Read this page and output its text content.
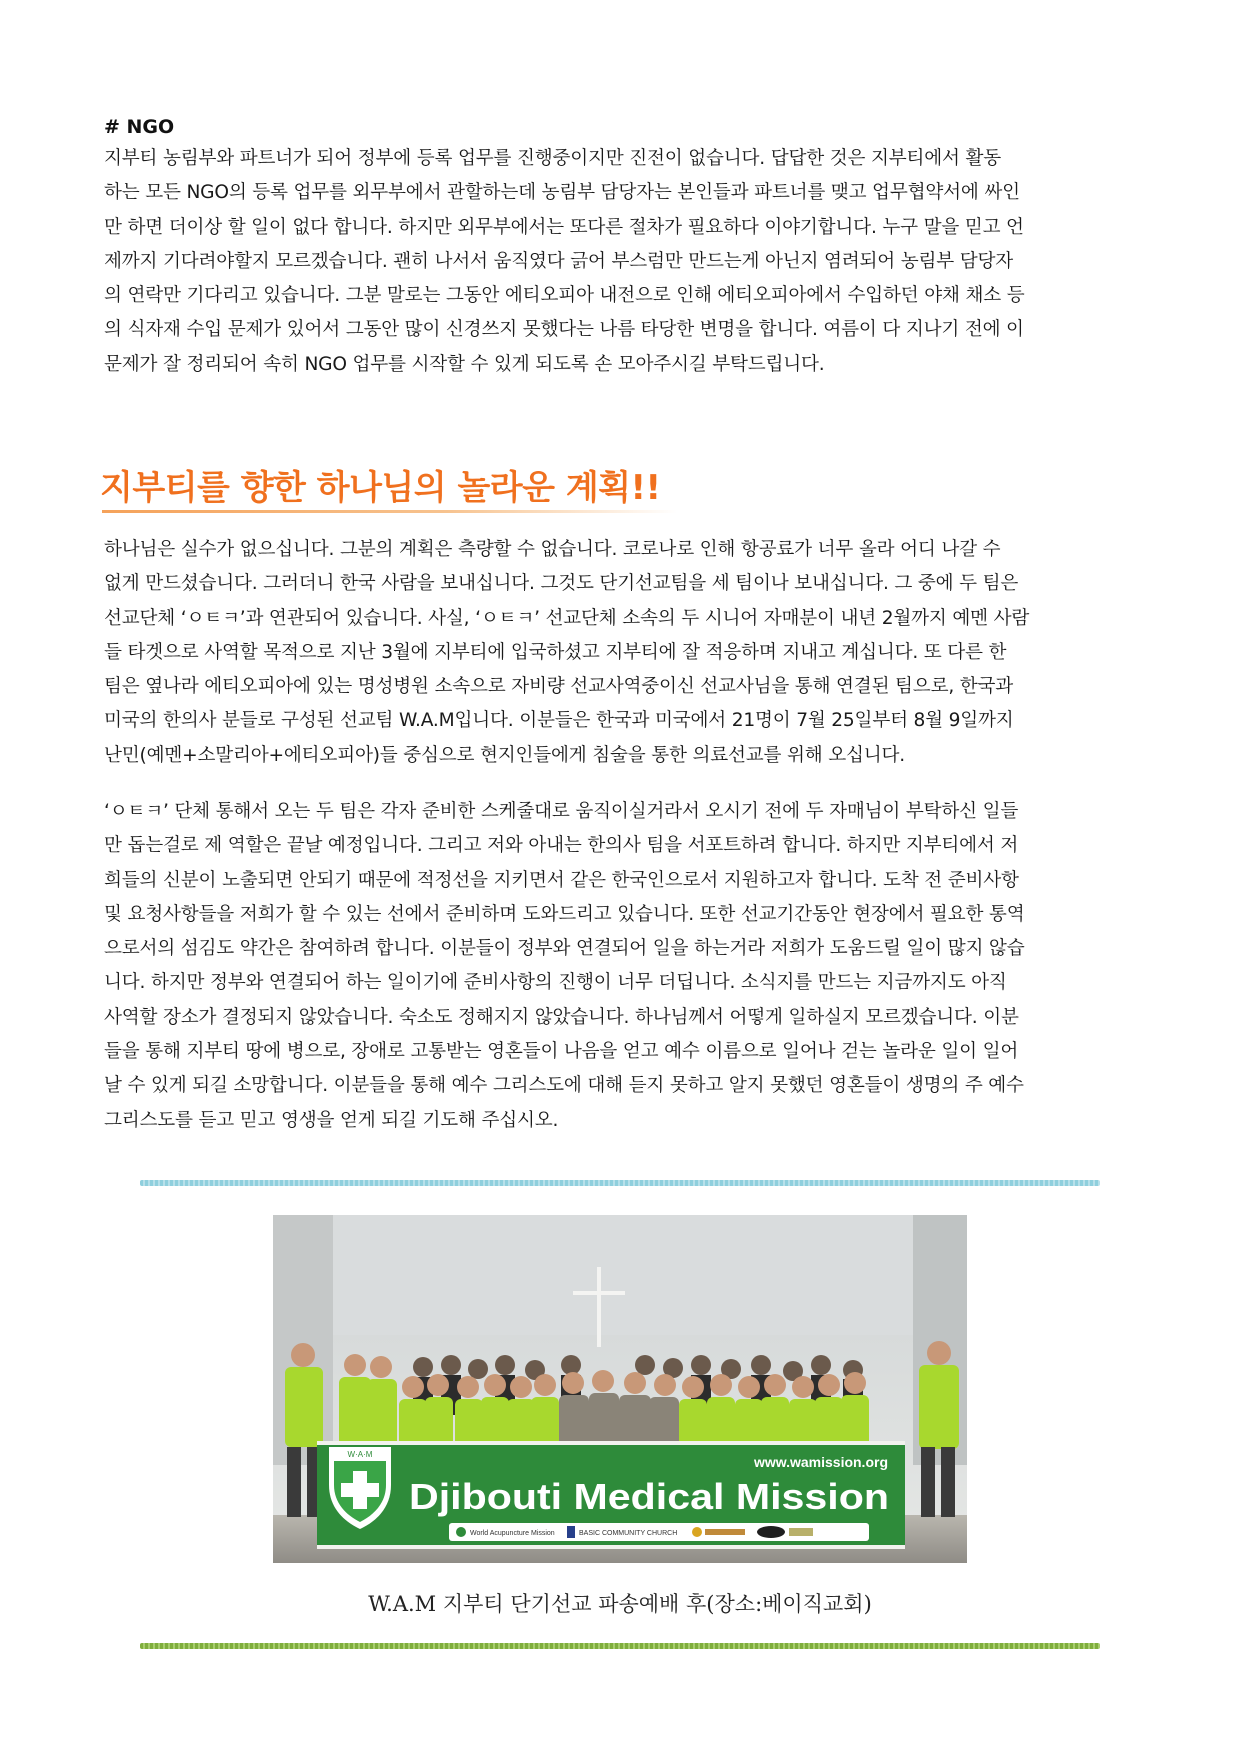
# NGO
지부티 농림부와 파트너가 되어 정부에 등록 업무를 진행중이지만 진전이 없습니다. 답답한 것은 지부티에서 활동
하는 모든 NGO의 등록 업무를 외무부에서 관할하는데 농림부 담당자는 본인들과 파트너를 맺고 업무협약서에 싸인
만 하면 더이상 할 일이 없다 합니다. 하지만 외무부에서는 또다른 절차가 필요하다 이야기합니다. 누구 말을 믿고 언
제까지 기다려야할지 모르겠습니다. 괜히 나서서 움직였다 긁어 부스럼만 만드는게 아닌지 염려되어 농림부 담당자
의 연락만 기다리고 있습니다. 그분 말로는 그동안 에티오피아 내전으로 인해 에티오피아에서 수입하던 야채 채소 등
의 식자재 수입 문제가 있어서 그동안 많이 신경쓰지 못했다는 나름 타당한 변명을 합니다. 여름이 다 지나기 전에 이
문제가 잘 정리되어 속히 NGO 업무를 시작할 수 있게 되도록 손 모아주시길 부탁드립니다.
지부티를 향한 하나님의 놀라운 계획!!
하나님은 실수가 없으십니다. 그분의 계획은 측량할 수 없습니다. 코로나로 인해 항공료가 너무 올라 어디 나갈 수
없게 만드셨습니다. 그러더니 한국 사람을 보내십니다. 그것도 단기선교팀을 세 팀이나 보내십니다. 그 중에 두 팀은
선교단체 ‘ㅇㅌㅋ’과 연관되어 있습니다. 사실, ‘ㅇㅌㅋ’ 선교단체 소속의 두 시니어 자매분이 내년 2월까지 예멘 사람
들 타겟으로 사역할 목적으로 지난 3월에 지부티에 입국하셨고 지부티에 잘 적응하며 지내고 계십니다. 또 다른 한
팀은 옆나라 에티오피아에 있는 명성병원 소속으로 자비량 선교사역중이신 선교사님을 통해 연결된 팀으로, 한국과
미국의 한의사 분들로 구성된 선교팀 W.A.M입니다. 이분들은 한국과 미국에서 21명이 7월 25일부터 8월 9일까지
난민(예멘+소말리아+에티오피아)들 중심으로 현지인들에게 침술을 통한 의료선교를 위해 오십니다.
‘ㅇㅌㅋ’ 단체 통해서 오는 두 팀은 각자 준비한 스케줄대로 움직이실거라서 오시기 전에 두 자매님이 부탁하신 일들
만 돕는걸로 제 역할은 끝날 예정입니다. 그리고 저와 아내는 한의사 팀을 서포트하려 합니다. 하지만 지부티에서 저
희들의 신분이 노출되면 안되기 때문에 적정선을 지키면서 같은 한국인으로서 지원하고자 합니다. 도착 전 준비사항
및 요청사항들을 저희가 할 수 있는 선에서 준비하며 도와드리고 있습니다. 또한 선교기간동안 현장에서 필요한 통역
으로서의 섬김도 약간은 참여하려 합니다. 이분들이 정부와 연결되어 일을 하는거라 저희가 도움드릴 일이 많지 않습
니다. 하지만 정부와 연결되어 하는 일이기에 준비사항의 진행이 너무 더딥니다. 소식지를 만드는 지금까지도 아직
사역할 장소가 결정되지 않았습니다. 숙소도 정해지지 않았습니다. 하나님께서 어떻게 일하실지 모르겠습니다. 이분
들을 통해 지부티 땅에 병으로, 장애로 고통받는 영혼들이 나음을 얻고 예수 이름으로 일어나 걷는 놀라운 일이 일어
날 수 있게 되길 소망합니다. 이분들을 통해 예수 그리스도에 대해 듣지 못하고 알지 못했던 영혼들이 생명의 주 예수
그리스도를 듣고 믿고 영생을 얻게 되길 기도해 주십시오.
W·A·M	www.wamission.org
Djibouti Medical Mission
World Acupuncture Mission	BASIC COMMUNITY CHURCH
W.A.M 지부티 단기선교 파송예배 후(장소:베이직교회)
